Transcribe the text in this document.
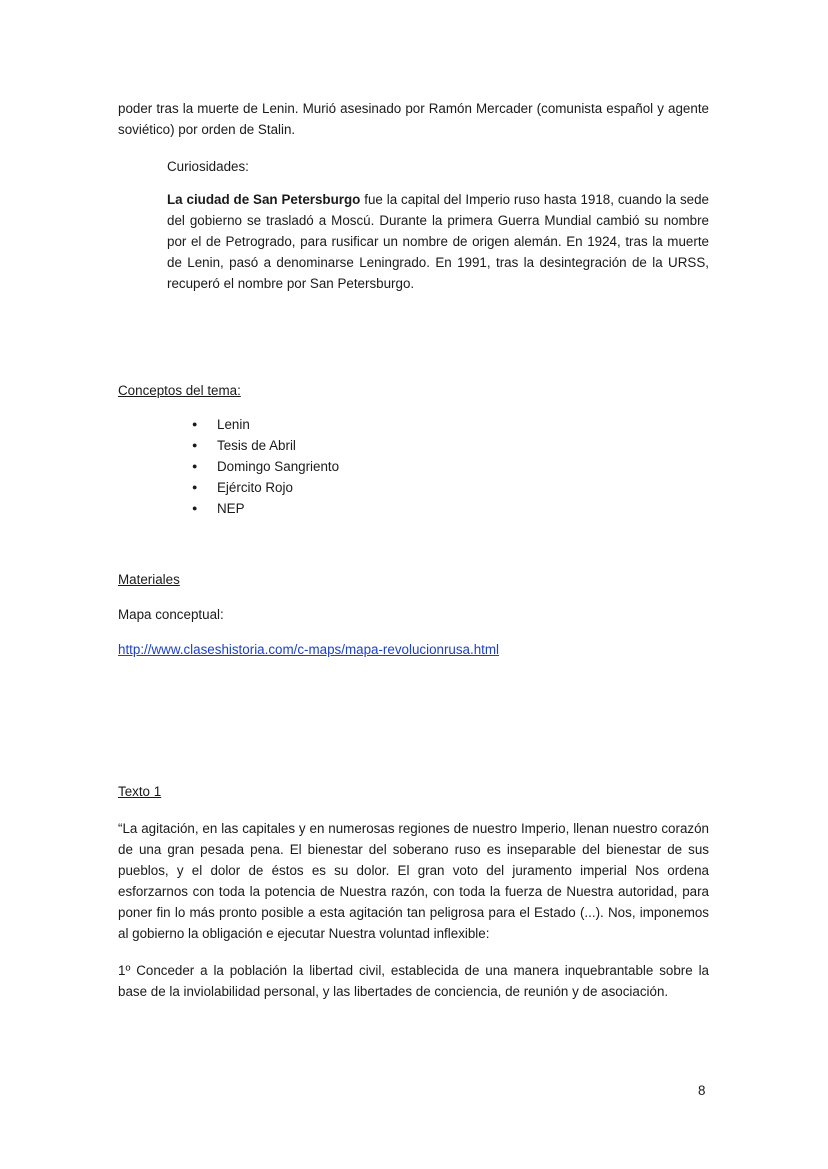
poder tras la muerte de Lenin. Murió asesinado por Ramón Mercader (comunista español y agente soviético) por orden de Stalin.

Curiosidades:

La ciudad de San Petersburgo fue la capital del Imperio ruso hasta 1918, cuando la sede del gobierno se trasladó a Moscú. Durante la primera Guerra Mundial cambió su nombre por el de Petrogrado, para rusificar un nombre de origen alemán. En 1924, tras la muerte de Lenin, pasó a denominarse Leningrado. En 1991, tras la desintegración de la URSS, recuperó el nombre por San Petersburgo.

Conceptos del tema:

● Lenin
● Tesis de Abril
● Domingo Sangriento
● Ejército Rojo
● NEP

Materiales

Mapa conceptual:

http://www.claseshistoria.com/c-maps/mapa-revolucionrusa.html

Texto 1

“La agitación, en las capitales y en numerosas regiones de nuestro Imperio, llenan nuestro corazón de una gran pesada pena. El bienestar del soberano ruso es inseparable del bienestar de sus pueblos, y el dolor de éstos es su dolor. El gran voto del juramento imperial Nos ordena esforzarnos con toda la potencia de Nuestra razón, con toda la fuerza de Nuestra autoridad, para poner fin lo más pronto posible a esta agitación tan peligrosa para el Estado (...). Nos, imponemos al gobierno la obligación e ejecutar Nuestra voluntad inflexible:

1º Conceder a la población la libertad civil, establecida de una manera inquebrantable sobre la base de la inviolabilidad personal, y las libertades de conciencia, de reunión y de asociación.

8
